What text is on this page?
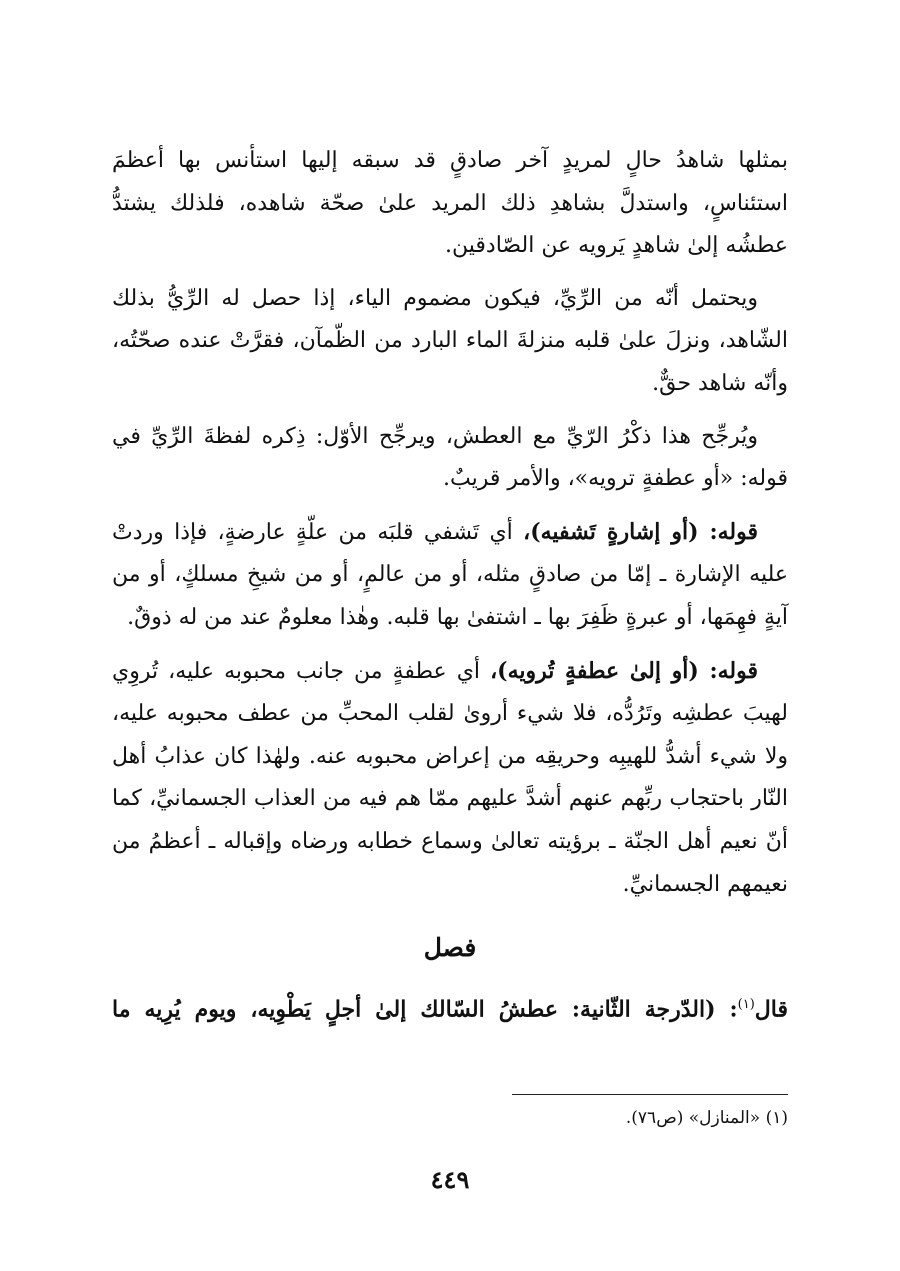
بمثلها شاهدُ حالٍ لمريدٍ آخر صادقٍ قد سبقه إليها استأنس بها أعظمَ استئناسٍ، واستدلَّ بشاهدِ ذلك المريد علىٰ صحّة شاهده، فلذلك يشتدُّ عطشُه إلىٰ شاهدٍ يَرويه عن الصّادقين.

ويحتمل أنّه من الرِّيِّ، فيكون مضموم الياء، إذا حصل له الرِّيُّ بذلك الشّاهد، ونزلَ علىٰ قلبه منزلةَ الماء البارد من الظّمآن، فقرَّتْ عنده صحّتُه، وأنّه شاهد حقٌّ.

ويُرجِّح هذا ذكْرُ الرّيِّ مع العطش، ويرجِّح الأوّل: ذِكره لفظةَ الرِّيِّ في قوله: «أو عطفةٍ ترويه»، والأمر قريبٌ.

قوله: (أو إشارةٍ تَشفيه)، أي تَشفي قلبَه من علّةٍ عارضةٍ، فإذا وردتْ عليه الإشارة ـ إمّا من صادقٍ مثله، أو من عالمٍ، أو من شيخِ مسلكٍ، أو من آيةٍ فهِمَها، أو عبرةٍ ظَفِرَ بها ـ اشتفىٰ بها قلبه. وهٰذا معلومٌ عند من له ذوقٌ.

قوله: (أو إلىٰ عطفةٍ تُرويه)، أي عطفةٍ من جانب محبوبه عليه، تُروِي لهيبَ عطشِه وتَرُدُّه، فلا شيء أروىٰ لقلب المحبِّ من عطف محبوبه عليه، ولا شيء أشدُّ للهيبِه وحريقِه من إعراض محبوبه عنه. ولهٰذا كان عذابُ أهل النّار باحتجاب ربِّهم عنهم أشدَّ عليهم ممّا هم فيه من العذاب الجسمانيِّ، كما أنّ نعيم أهل الجنّة ـ برؤيته تعالىٰ وسماع خطابه ورضاه وإقباله ـ أعظمُ من نعيمهم الجسمانيِّ.

فصل

قال$^{(١)}$: (الدّرجة الثّانية: عطشُ السّالك إلىٰ أجلٍ يَطْوِيه، ويوم يُرِيه ما

(١) «المنازل» (ص٧٦).
٤٤٩
